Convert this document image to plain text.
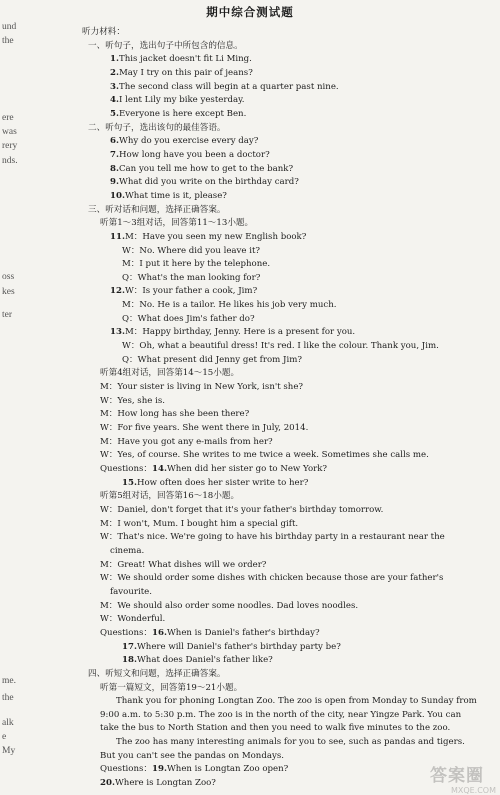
und
the
ere
was
rery
nds.
oss
kes
ter
me.
the
alk
e
My
期中综合测试题
听力材料：
一、听句子，选出句子中所包含的信息。
1.This jacket doesn't fit Li Ming.
2.May I try on this pair of jeans?
3.The second class will begin at a quarter past nine.
4.I lent Lily my bike yesterday.
5.Everyone is here except Ben.
二、听句子，选出该句的最佳答语。
6.Why do you exercise every day?
7.How long have you been a doctor?
8.Can you tell me how to get to the bank?
9.What did you write on the birthday card?
10.What time is it, please?
三、听对话和问题，选择正确答案。
听第1～3组对话，回答第11～13小题。
11.M：Have you seen my new English book?
W：No. Where did you leave it?
M：I put it here by the telephone.
Q：What's the man looking for?
12.W：Is your father a cook, Jim?
M：No. He is a tailor. He likes his job very much.
Q：What does Jim's father do?
13.M：Happy birthday, Jenny. Here is a present for you.
W：Oh, what a beautiful dress! It's red. I like the colour. Thank you, Jim.
Q：What present did Jenny get from Jim?
听第4组对话，回答第14～15小题。
M：Your sister is living in New York, isn't she?
W：Yes, she is.
M：How long has she been there?
W：For five years. She went there in July, 2014.
M：Have you got any e-mails from her?
W：Yes, of course. She writes to me twice a week. Sometimes she calls me.
Questions：14.When did her sister go to New York?
15.How often does her sister write to her?
听第5组对话，回答第16～18小题。
W：Daniel, don't forget that it's your father's birthday tomorrow.
M：I won't, Mum. I bought him a special gift.
W：That's nice. We're going to have his birthday party in a restaurant near the
cinema.
M：Great! What dishes will we order?
W：We should order some dishes with chicken because those are your father's
favourite.
M：We should also order some noodles. Dad loves noodles.
W：Wonderful.
Questions：16.When is Daniel's father's birthday?
17.Where will Daniel's father's birthday party be?
18.What does Daniel's father like?
四、听短文和问题，选择正确答案。
听第一篇短文，回答第19～21小题。
Thank you for phoning Longtan Zoo. The zoo is open from Monday to Sunday from 9:00 a.m. to 5:30 p.m. The zoo is in the north of the city, near Yingze Park. You can take the bus to North Station and then you need to walk five minutes to the zoo.
The zoo has many interesting animals for you to see, such as pandas and tigers. But you can't see the pandas on Mondays.
Questions：19.When is Longtan Zoo open?
20.Where is Longtan Zoo?	答案圈
MXQE.COM
